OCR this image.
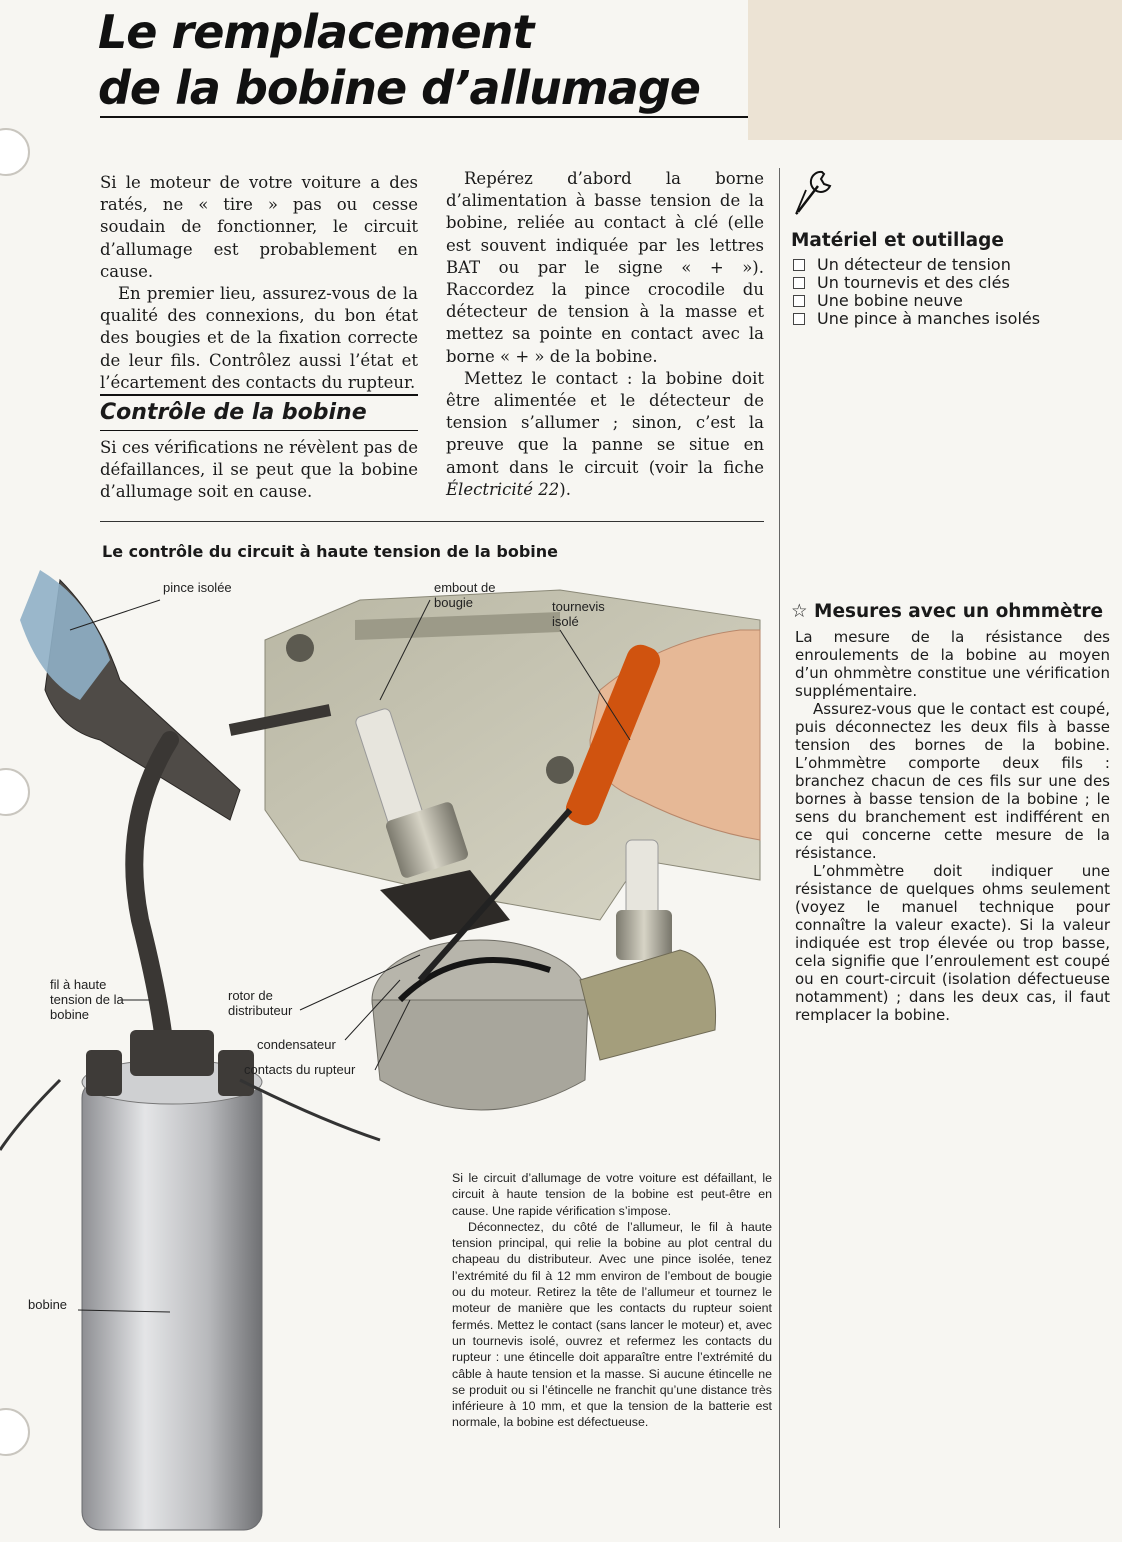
Le remplacement
de la bobine d’allumage

Si le moteur de votre voiture a des ratés, ne « tire » pas ou cesse soudain de fonctionner, le circuit d’allumage est probablement en cause.

En premier lieu, assurez-vous de la qualité des connexions, du bon état des bougies et de la fixation correcte de leur fils. Contrôlez aussi l’état et l’écartement des contacts du rupteur.

Contrôle de la bobine

Si ces vérifications ne révèlent pas de défaillances, il se peut que la bobine d’allumage soit en cause.

Repérez d’abord la borne d’alimentation à basse tension de la bobine, reliée au contact à clé (elle est souvent indiquée par les lettres BAT ou par le signe « + »). Raccordez la pince crocodile du détecteur de tension à la masse et mettez sa pointe en contact avec la borne « + » de la bobine.

Mettez le contact : la bobine doit être alimentée et le détecteur de tension s’allumer ; sinon, c’est la preuve que la panne se situe en amont dans le circuit (voir la fiche Électricité 22).

Le contrôle du circuit à haute tension de la bobine
Matériel et outillage
Un détecteur de tension
Un tournevis et des clés
Une bobine neuve
Une pince à manches isolés
☆ Mesures avec un ohmmètre

La mesure de la résistance des enroulements de la bobine au moyen d’un ohmmètre constitue une vérification supplémentaire.

Assurez-vous que le contact est coupé, puis déconnectez les deux fils à basse tension des bornes de la bobine. L’ohmmètre comporte deux fils : branchez chacun de ces fils sur une des bornes à basse tension de la bobine ; le sens du branchement est indifférent en ce qui concerne cette mesure de la résistance.

L’ohmmètre doit indiquer une résistance de quelques ohms seulement (voyez le manuel technique pour connaître la valeur exacte). Si la valeur indiquée est trop élevée ou trop basse, cela signifie que l’enroulement est coupé ou en court-circuit (isolation défectueuse notamment) ; dans les deux cas, il faut remplacer la bobine.

pince isolée	embout de bougie	tournevis isolé
fil à haute tension de la bobine
rotor de distributeur
condensateur
contacts du rupteur
bobine

Si le circuit d’allumage de votre voiture est défaillant, le circuit à haute tension de la bobine est peut-être en cause. Une rapide vérification s’impose.

Déconnectez, du côté de l’allumeur, le fil à haute tension principal, qui relie la bobine au plot central du chapeau du distributeur. Avec une pince isolée, tenez l’extrémité du fil à 12 mm environ de l’embout de bougie ou du moteur. Retirez la tête de l’allumeur et tournez le moteur de manière que les contacts du rupteur soient fermés. Mettez le contact (sans lancer le moteur) et, avec un tournevis isolé, ouvrez et refermez les contacts du rupteur : une étincelle doit apparaître entre l’extrémité du câble à haute tension et la masse. Si aucune étincelle ne se produit ou si l’étincelle ne franchit qu’une distance très inférieure à 10 mm, et que la tension de la batterie est normale, la bobine est défectueuse.
